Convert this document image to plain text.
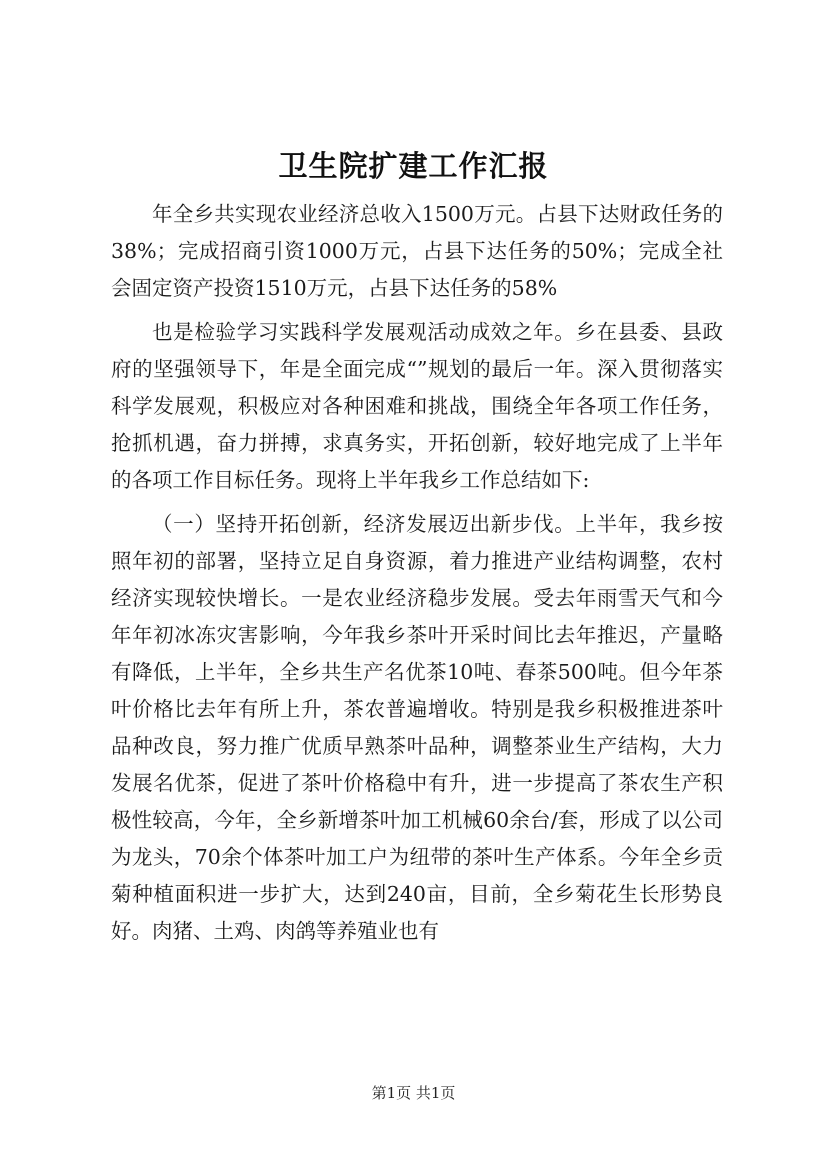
卫生院扩建工作汇报

年全乡共实现农业经济总收入1500万元。占县下达财政任务的38%；完成招商引资1000万元，占县下达任务的50%；完成全社会固定资产投资1510万元，占县下达任务的58%

也是检验学习实践科学发展观活动成效之年。乡在县委、县政府的坚强领导下，年是全面完成“”规划的最后一年。深入贯彻落实科学发展观，积极应对各种困难和挑战，围绕全年各项工作任务，抢抓机遇，奋力拼搏，求真务实，开拓创新，较好地完成了上半年的各项工作目标任务。现将上半年我乡工作总结如下:

（一）坚持开拓创新，经济发展迈出新步伐。上半年，我乡按照年初的部署，坚持立足自身资源，着力推进产业结构调整，农村经济实现较快增长。一是农业经济稳步发展。受去年雨雪天气和今年年初冰冻灾害影响，今年我乡茶叶开采时间比去年推迟，产量略有降低，上半年，全乡共生产名优茶10吨、春茶500吨。但今年茶叶价格比去年有所上升，茶农普遍增收。特别是我乡积极推进茶叶品种改良，努力推广优质早熟茶叶品种，调整茶业生产结构，大力发展名优茶，促进了茶叶价格稳中有升，进一步提高了茶农生产积极性较高，今年，全乡新增茶叶加工机械60余台/套，形成了以公司为龙头，70余个体茶叶加工户为纽带的茶叶生产体系。今年全乡贡菊种植面积进一步扩大，达到240亩，目前，全乡菊花生长形势良好。肉猪、土鸡、肉鸽等养殖业也有

第1页 共1页
